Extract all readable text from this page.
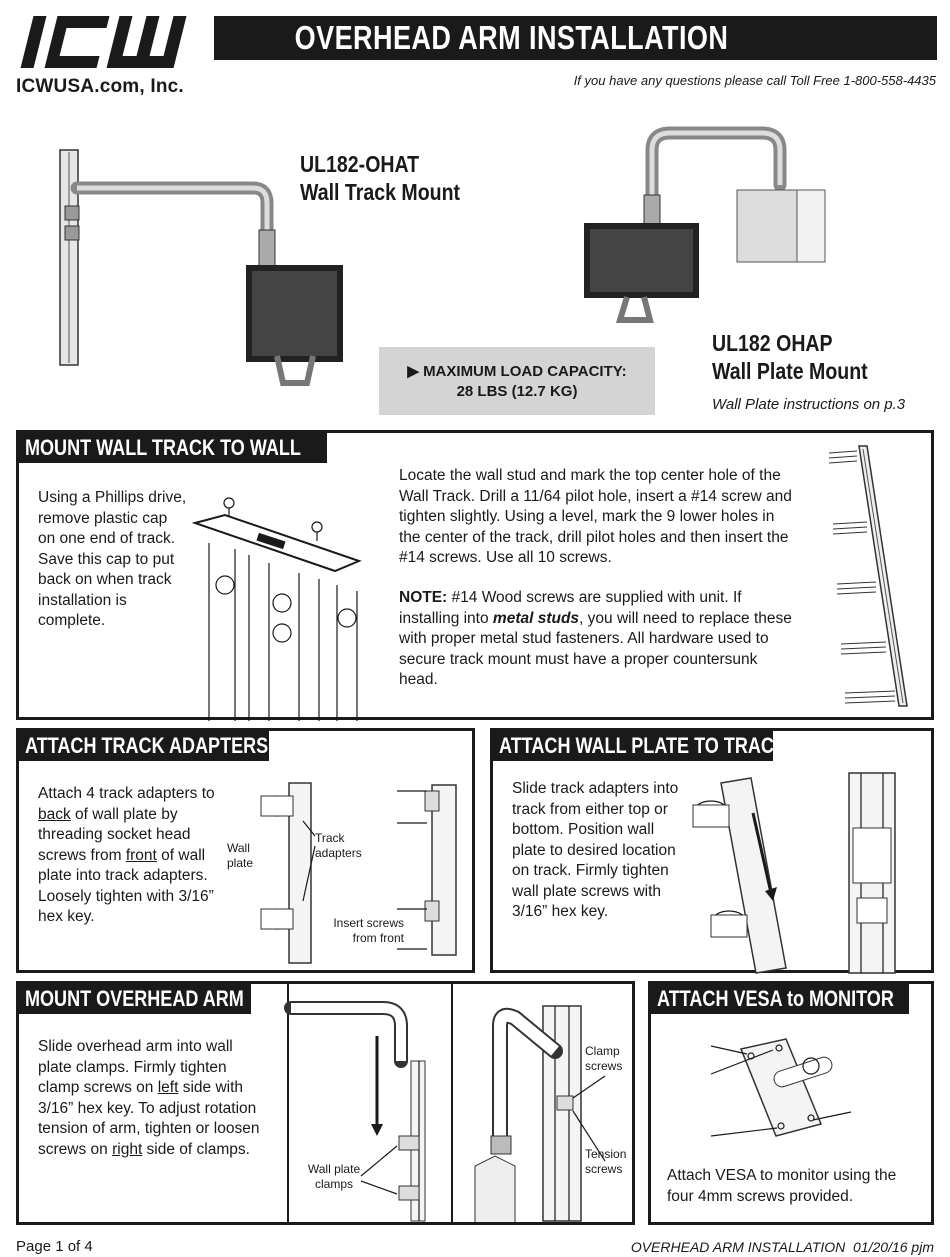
ICWUSA.com, Inc.
OVERHEAD ARM INSTALLATION
If you have any questions please call Toll Free 1-800-558-4435
UL182-OHAT
Wall Track Mount
UL182 OHAP
Wall Plate Mount
Wall Plate instructions on p.3
▶ MAXIMUM LOAD CAPACITY:
28 LBS (12.7 KG)
MOUNT WALL TRACK TO WALL
Using a Phillips drive, remove plastic cap on one end of track. Save this cap to put back on when track installation is complete.
Locate the wall stud and mark the top center hole of the Wall Track. Drill a 11/64 pilot hole, insert a #14 screw and tighten slightly. Using a level, mark the 9 lower holes in the center of the track, drill pilot holes and then insert the #14 screws. Use all 10 screws.
NOTE: #14 Wood screws are supplied with unit. If installing into metal studs, you will need to replace these with proper metal stud fasteners. All hardware used to secure track mount must have a proper countersunk head.
ATTACH TRACK ADAPTERS
Attach 4 track adapters to back of wall plate by threading socket head screws from front of wall plate into track adapters. Loosely tighten with 3/16” hex key.
Wall plate
Track adapters
Insert screws from front
ATTACH WALL PLATE TO TRACK
Slide track adapters into track from either top or bottom. Position wall plate to desired location on track. Firmly tighten wall plate screws with 3/16” hex key.
MOUNT OVERHEAD ARM
Slide overhead arm into wall plate clamps. Firmly tighten clamp screws on left side with 3/16” hex key. To adjust rotation tension of arm, tighten or loosen screws on right side of clamps.
Wall plate clamps
Clamp screws
Tension screws
ATTACH VESA to MONITOR
Attach VESA to monitor using the four 4mm screws provided.
Page 1 of 4	OVERHEAD ARM INSTALLATION  01/20/16 pjm
